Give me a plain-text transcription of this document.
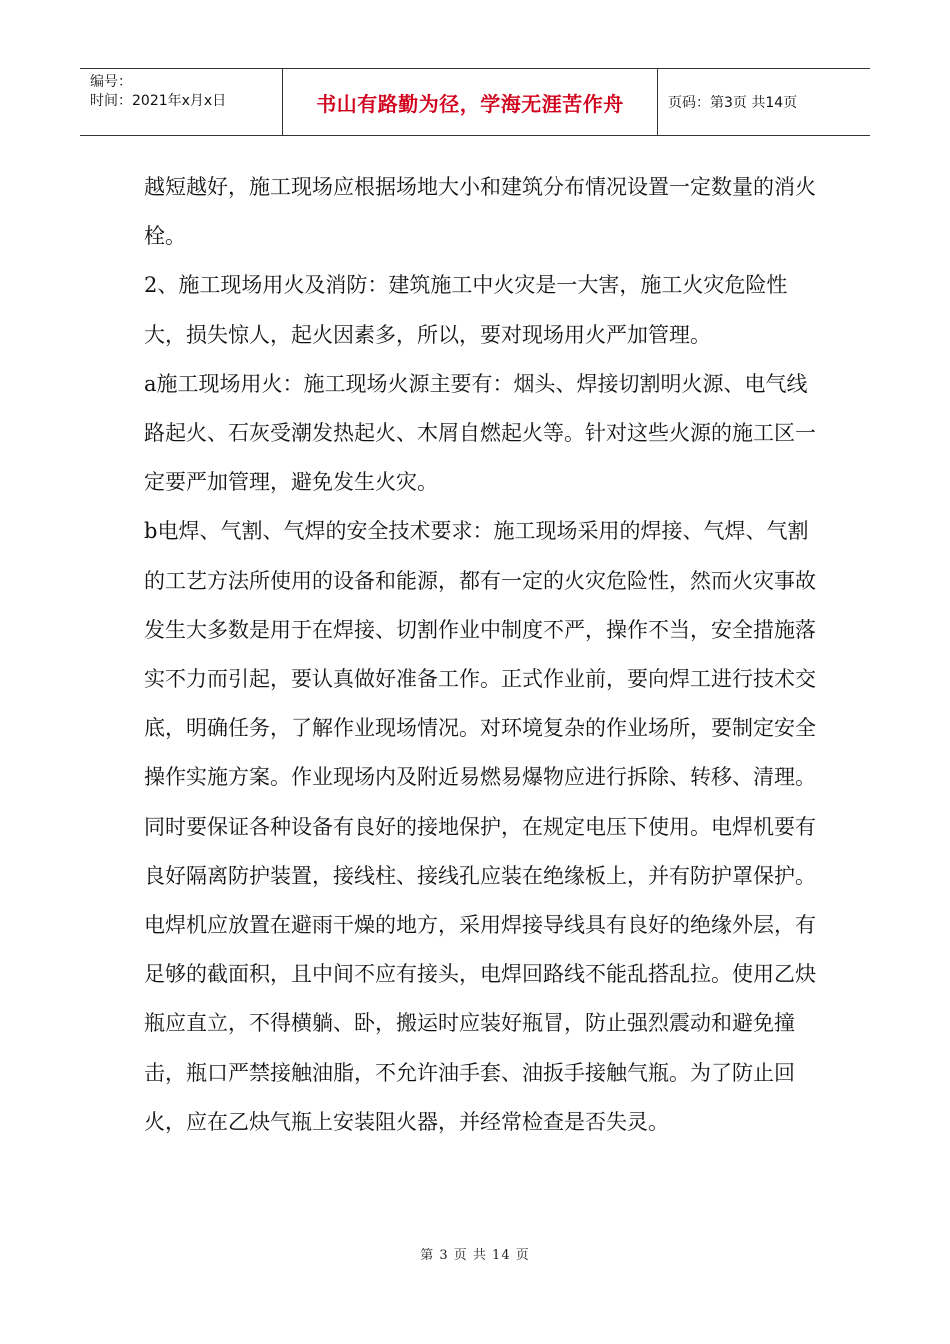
编号：
时间：2021年x月x日	书山有路勤为径，学海无涯苦作舟	页码：第3页 共14页

越短越好，施工现场应根据场地大小和建筑分布情况设置一定数量的消火栓。

2、施工现场用火及消防：建筑施工中火灾是一大害，施工火灾危险性大，损失惊人，起火因素多，所以，要对现场用火严加管理。

a施工现场用火：施工现场火源主要有：烟头、焊接切割明火源、电气线路起火、石灰受潮发热起火、木屑自燃起火等。针对这些火源的施工区一定要严加管理，避免发生火灾。

b电焊、气割、气焊的安全技术要求：施工现场采用的焊接、气焊、气割的工艺方法所使用的设备和能源，都有一定的火灾危险性，然而火灾事故发生大多数是用于在焊接、切割作业中制度不严，操作不当，安全措施落实不力而引起，要认真做好准备工作。正式作业前，要向焊工进行技术交底，明确任务，了解作业现场情况。对环境复杂的作业场所，要制定安全操作实施方案。作业现场内及附近易燃易爆物应进行拆除、转移、清理。同时要保证各种设备有良好的接地保护，在规定电压下使用。电焊机要有良好隔离防护装置，接线柱、接线孔应装在绝缘板上，并有防护罩保护。电焊机应放置在避雨干燥的地方，采用焊接导线具有良好的绝缘外层，有足够的截面积，且中间不应有接头，电焊回路线不能乱搭乱拉。使用乙炔瓶应直立，不得横躺、卧，搬运时应装好瓶冒，防止强烈震动和避免撞击，瓶口严禁接触油脂，不允许油手套、油扳手接触气瓶。为了防止回火，应在乙炔气瓶上安装阻火器，并经常检查是否失灵。

第 3 页 共 14 页
